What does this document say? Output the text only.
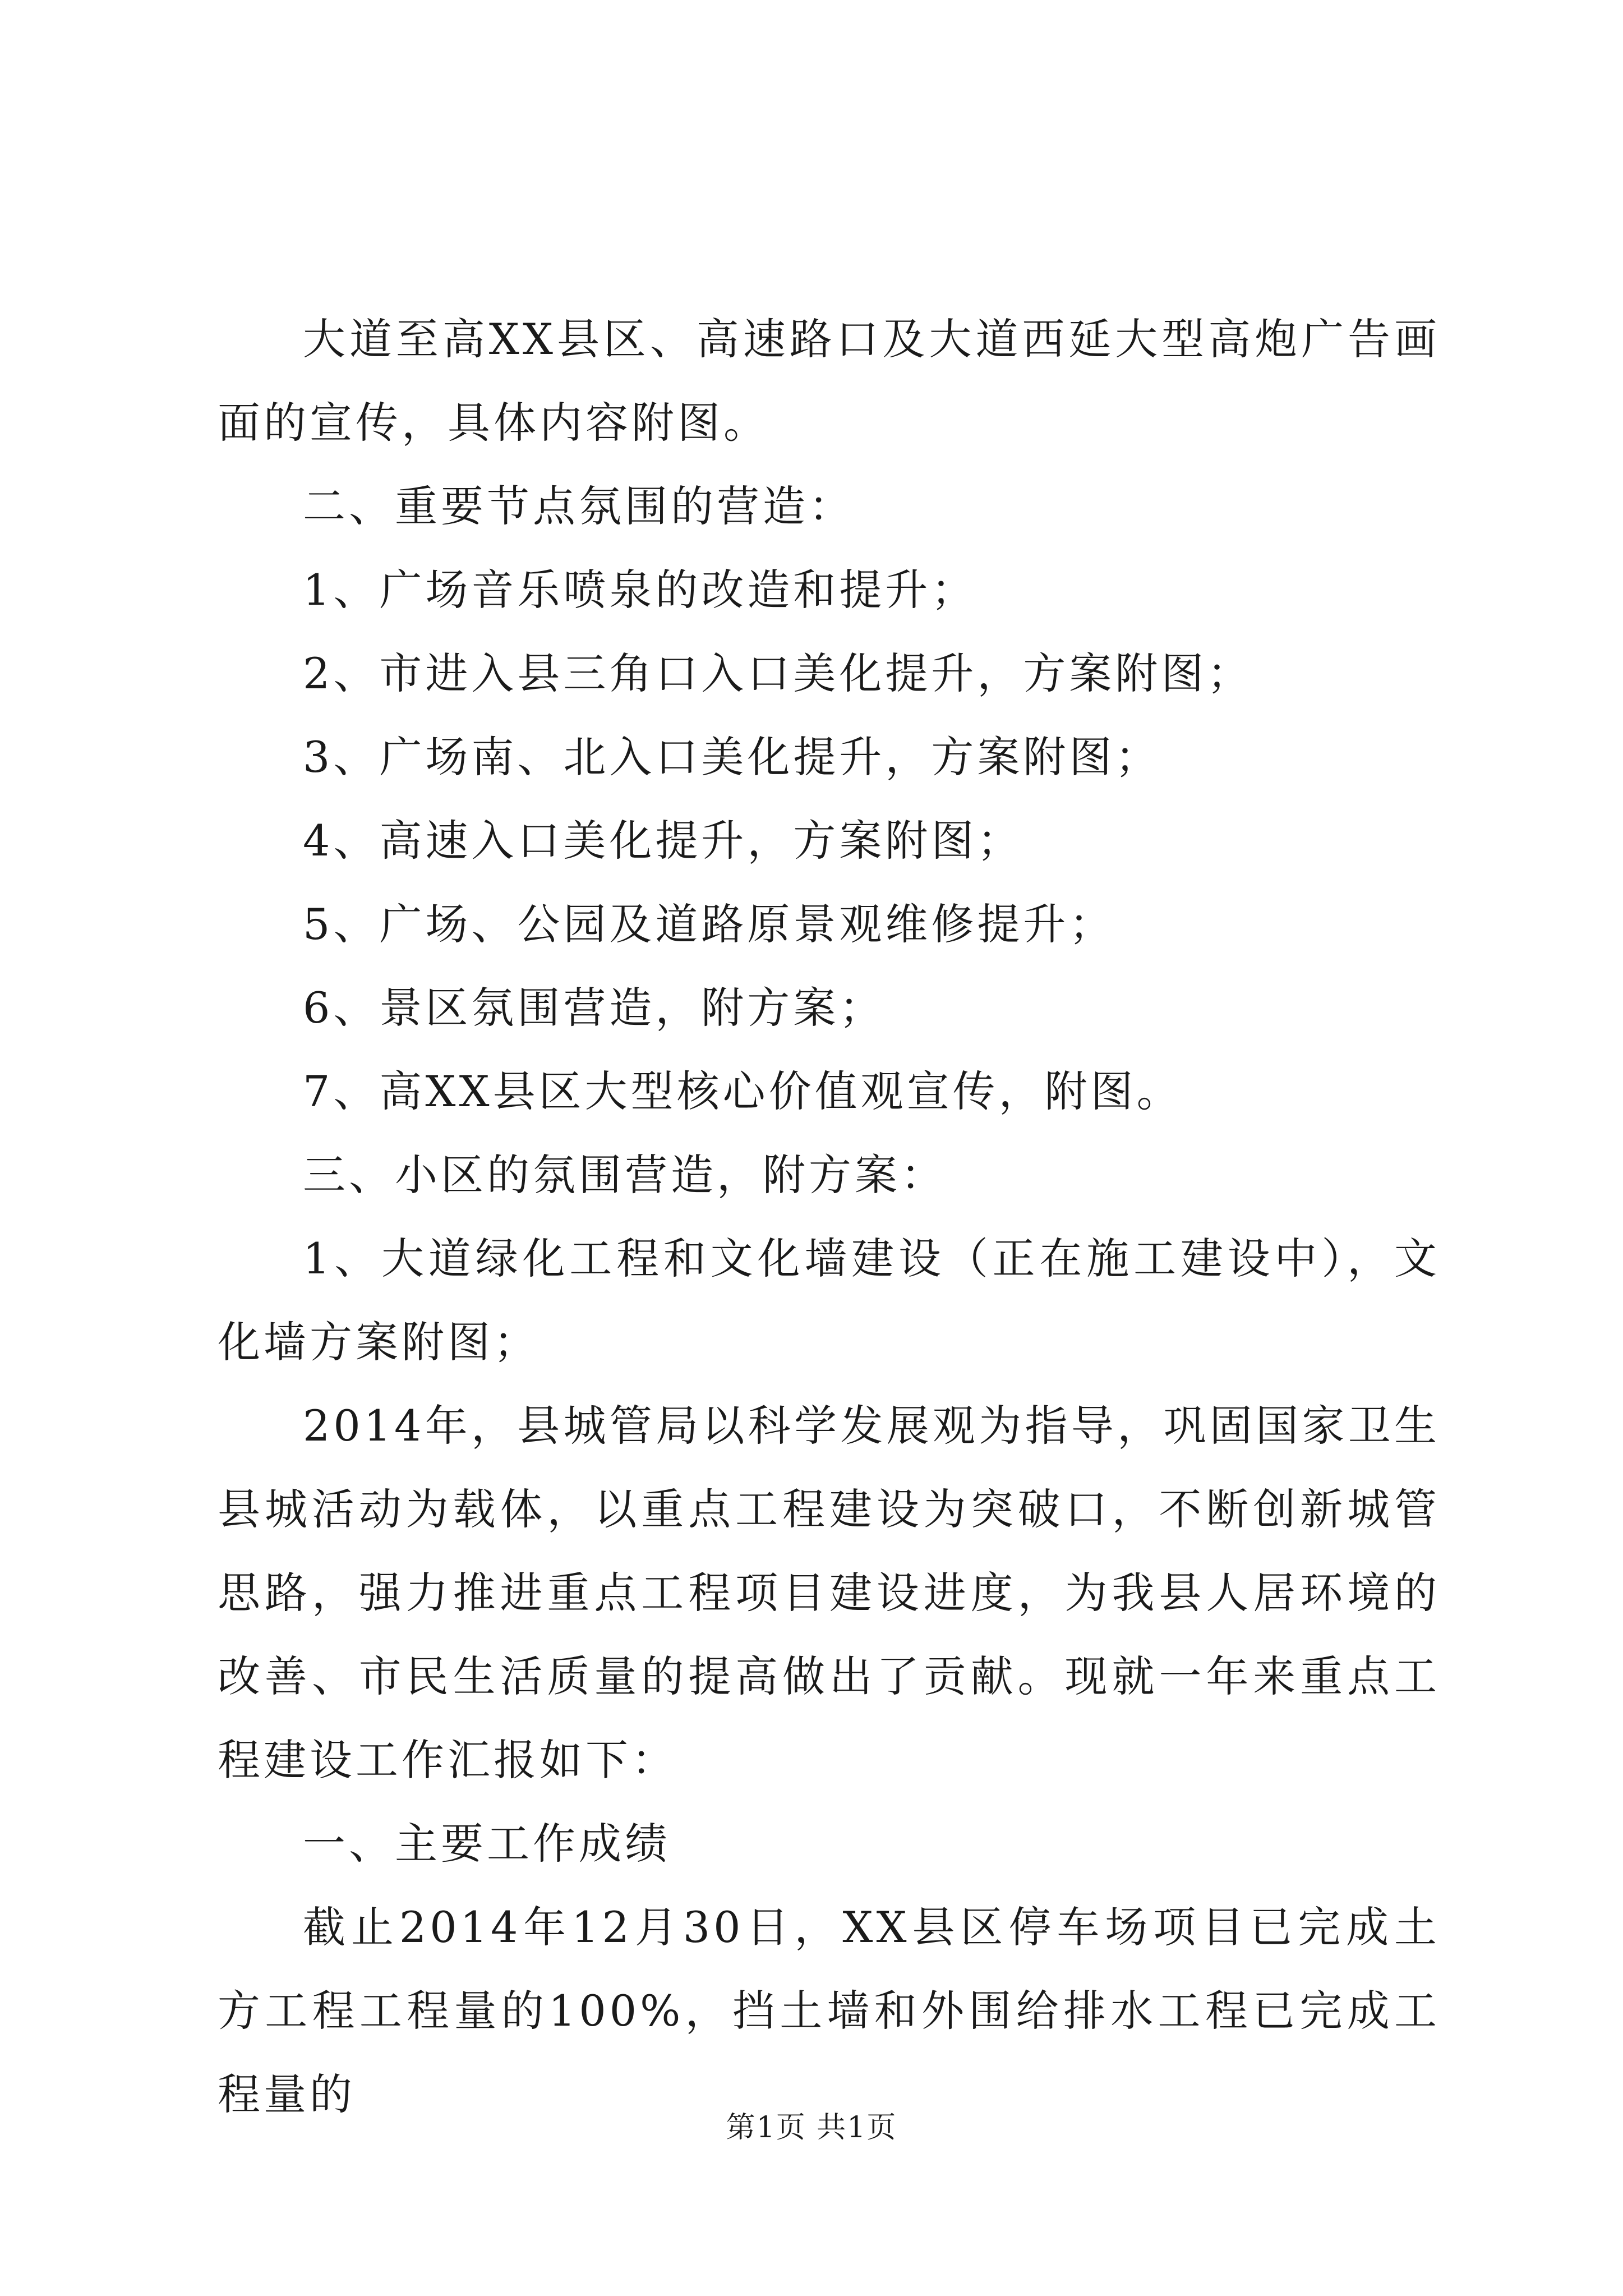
大道至高XX县区、高速路口及大道西延大型高炮广告画面的宣传，具体内容附图。

二、重要节点氛围的营造：

1、广场音乐喷泉的改造和提升；

2、市进入县三角口入口美化提升，方案附图；

3、广场南、北入口美化提升，方案附图；

4、高速入口美化提升，方案附图；

5、广场、公园及道路原景观维修提升；

6、景区氛围营造，附方案；

7、高XX县区大型核心价值观宣传，附图。

三、小区的氛围营造，附方案：

1、大道绿化工程和文化墙建设（正在施工建设中），文化墙方案附图；

2014年，县城管局以科学发展观为指导，巩固国家卫生县城活动为载体，以重点工程建设为突破口，不断创新城管思路，强力推进重点工程项目建设进度，为我县人居环境的改善、市民生活质量的提高做出了贡献。现就一年来重点工程建设工作汇报如下：

一、主要工作成绩

截止2014年12月30日，XX县区停车场项目已完成土方工程工程量的100%，挡土墙和外围给排水工程已完成工程量的

第1页 共1页
